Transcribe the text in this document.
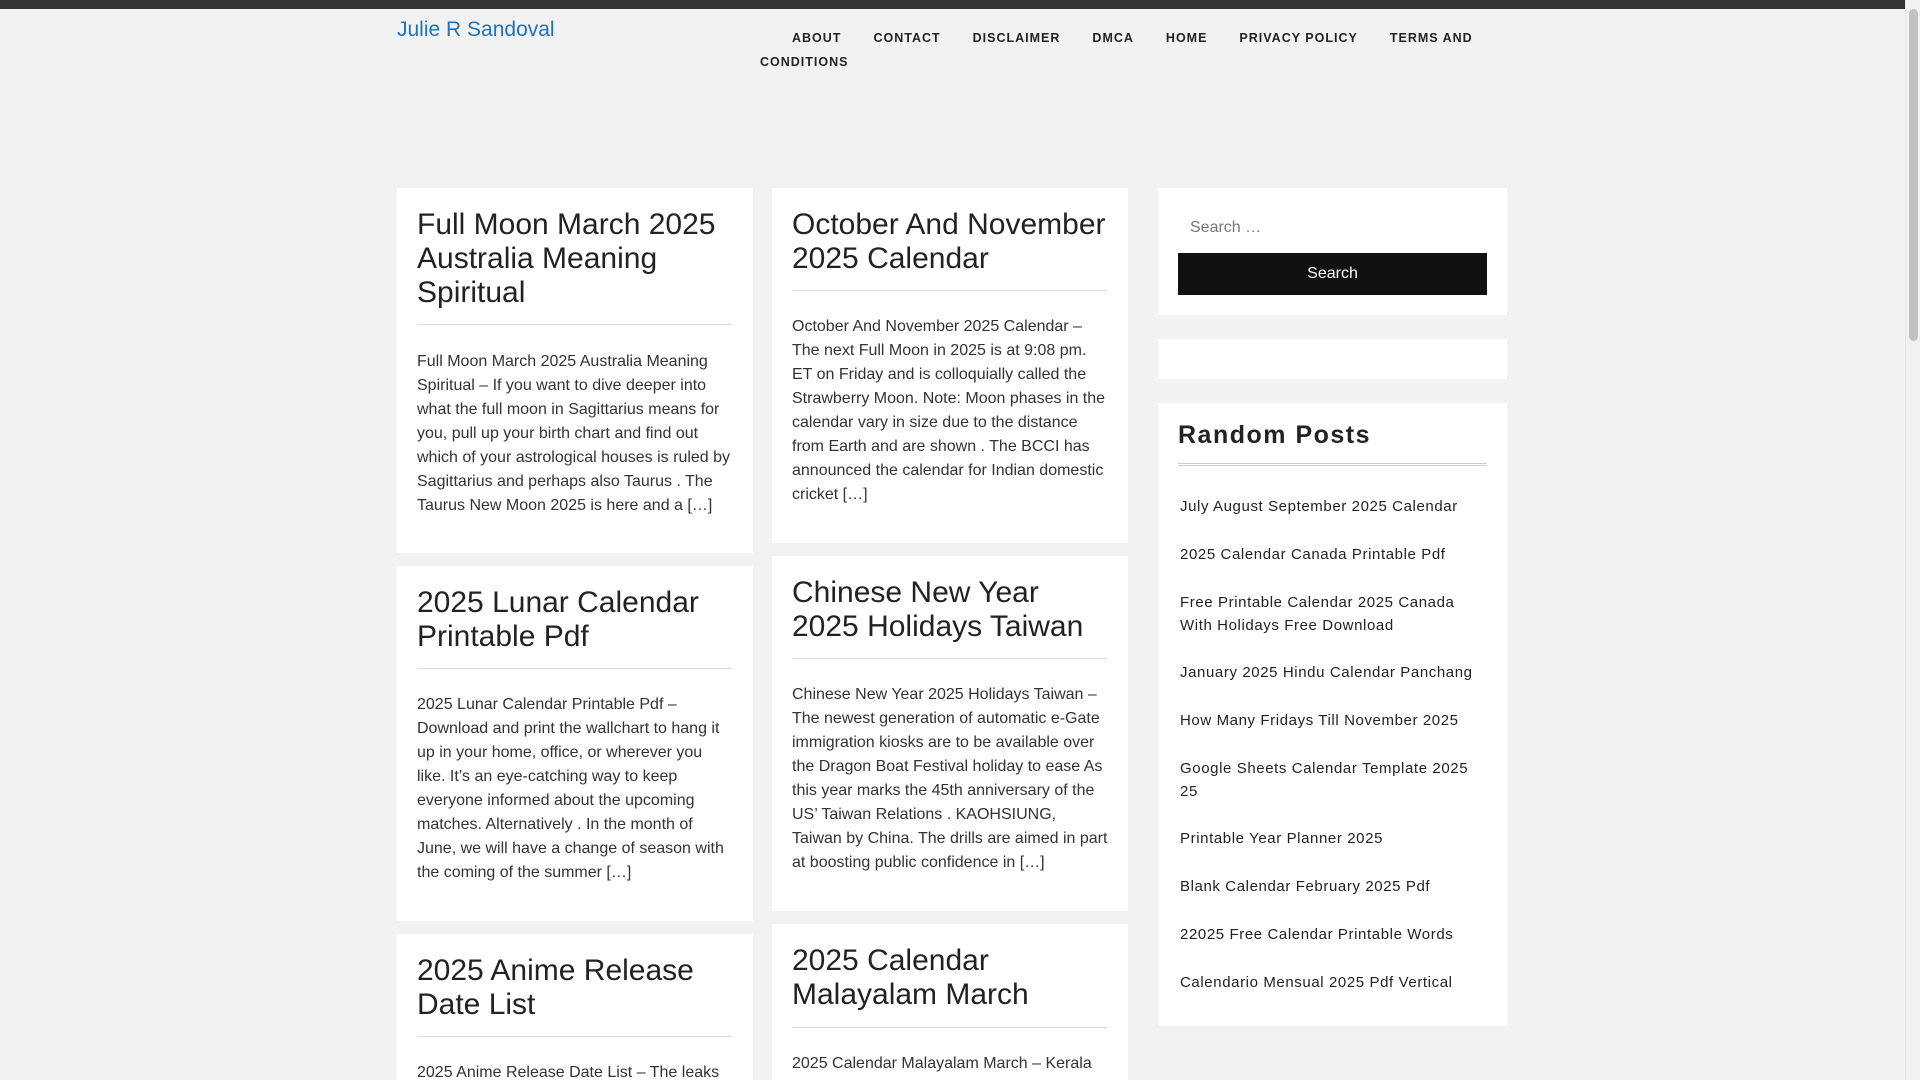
Julie R Sandoval	ABOUT	CONTACT	DISCLAIMER	DMCA	HOME	PRIVACY POLICY	TERMS AND CONDITIONS
Full Moon March 2025 Australia Meaning Spiritual

Full Moon March 2025 Australia Meaning Spiritual – If you want to dive deeper into what the full moon in Sagittarius means for you, pull up your birth chart and find out which of your astrological houses is ruled by Sagittarius and perhaps also Taurus . The Taurus New Moon 2025 is here and a […]

2025 Lunar Calendar Printable Pdf

2025 Lunar Calendar Printable Pdf – Download and print the wallchart to hang it up in your home, office, or wherever you like. It’s an eye-catching way to keep everyone informed about the upcoming matches. Alternatively . In the month of June, we will have a change of season with the coming of the summer […]

2025 Anime Release Date List

2025 Anime Release Date List – The leaks

October And November 2025 Calendar

October And November 2025 Calendar – The next Full Moon in 2025 is at 9:08 pm. ET on Friday and is colloquially called the Strawberry Moon. Note: Moon phases in the calendar vary in size due to the distance from Earth and are shown . The BCCI has announced the calendar for Indian domestic cricket […]

Chinese New Year 2025 Holidays Taiwan

Chinese New Year 2025 Holidays Taiwan – The newest generation of automatic e-Gate immigration kiosks are to be available over the Dragon Boat Festival holiday to ease As this year marks the 45th anniversary of the US’ Taiwan Relations . KAOHSIUNG, Taiwan by China. The drills are aimed in part at boosting public confidence in […]

2025 Calendar Malayalam March

2025 Calendar Malayalam March – Kerala

Search …
Search
Random Posts
July August September 2025 Calendar
2025 Calendar Canada Printable Pdf
Free Printable Calendar 2025 Canada With Holidays Free Download
January 2025 Hindu Calendar Panchang
How Many Fridays Till November 2025
Google Sheets Calendar Template 2025 25
Printable Year Planner 2025
Blank Calendar February 2025 Pdf
22025 Free Calendar Printable Words
Calendario Mensual 2025 Pdf Vertical
